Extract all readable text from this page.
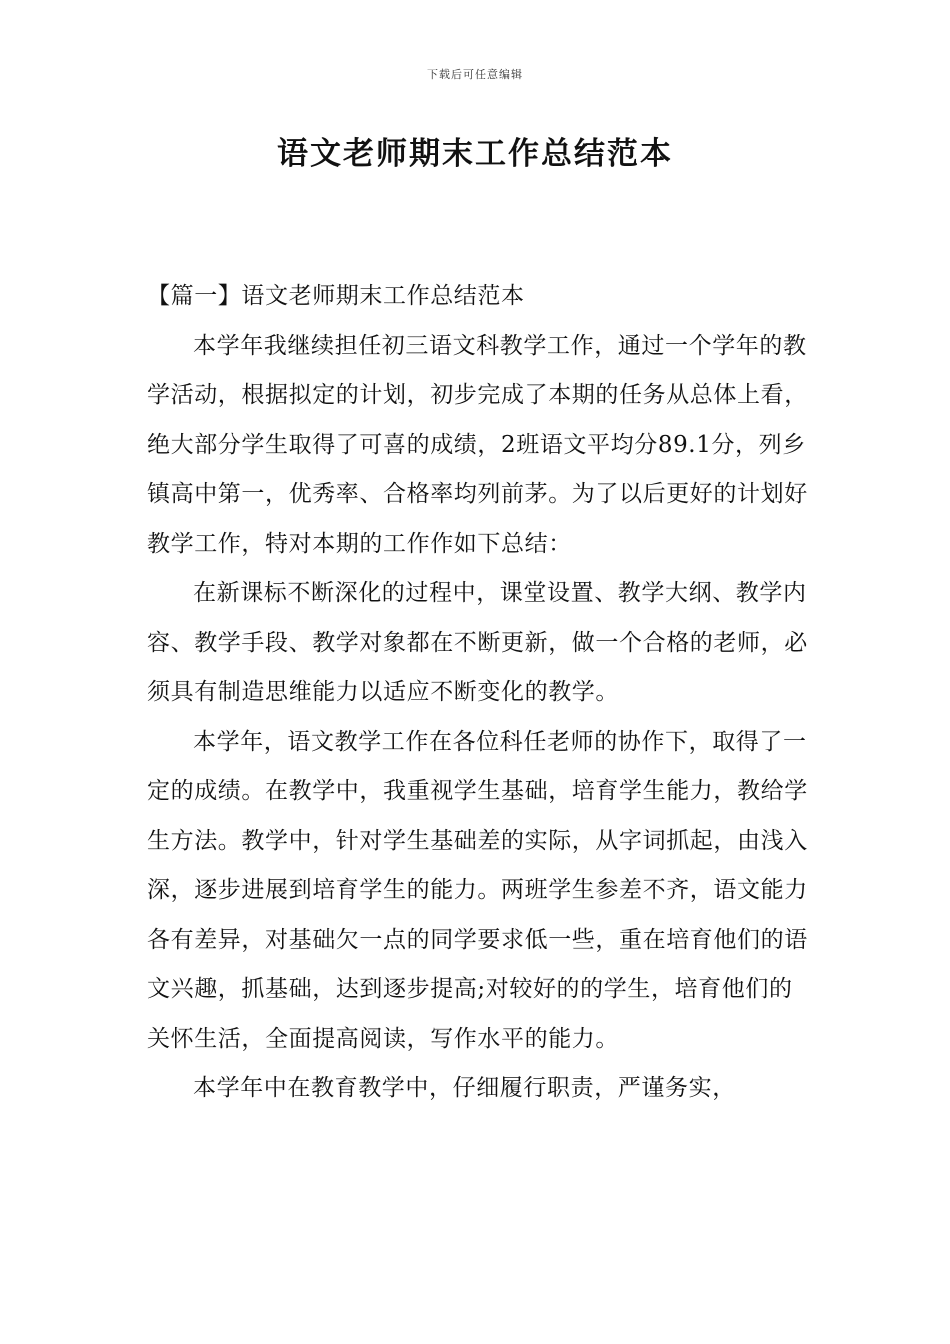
下载后可任意编辑
语文老师期末工作总结范本

【篇一】语文老师期末工作总结范本

本学年我继续担任初三语文科教学工作，通过一个学年的教学活动，根据拟定的计划，初步完成了本期的任务从总体上看，绝大部分学生取得了可喜的成绩，2班语文平均分89.1分，列乡镇高中第一，优秀率、合格率均列前茅。为了以后更好的计划好教学工作，特对本期的工作作如下总结：

在新课标不断深化的过程中，课堂设置、教学大纲、教学内容、教学手段、教学对象都在不断更新，做一个合格的老师，必须具有制造思维能力以适应不断变化的教学。

本学年，语文教学工作在各位科任老师的协作下，取得了一定的成绩。在教学中，我重视学生基础，培育学生能力，教给学生方法。教学中，针对学生基础差的实际，从字词抓起，由浅入深，逐步进展到培育学生的能力。两班学生参差不齐，语文能力各有差异，对基础欠一点的同学要求低一些，重在培育他们的语文兴趣，抓基础，达到逐步提高;对较好的的学生，培育他们的关怀生活，全面提高阅读，写作水平的能力。

本学年中在教育教学中，仔细履行职责，严谨务实，
